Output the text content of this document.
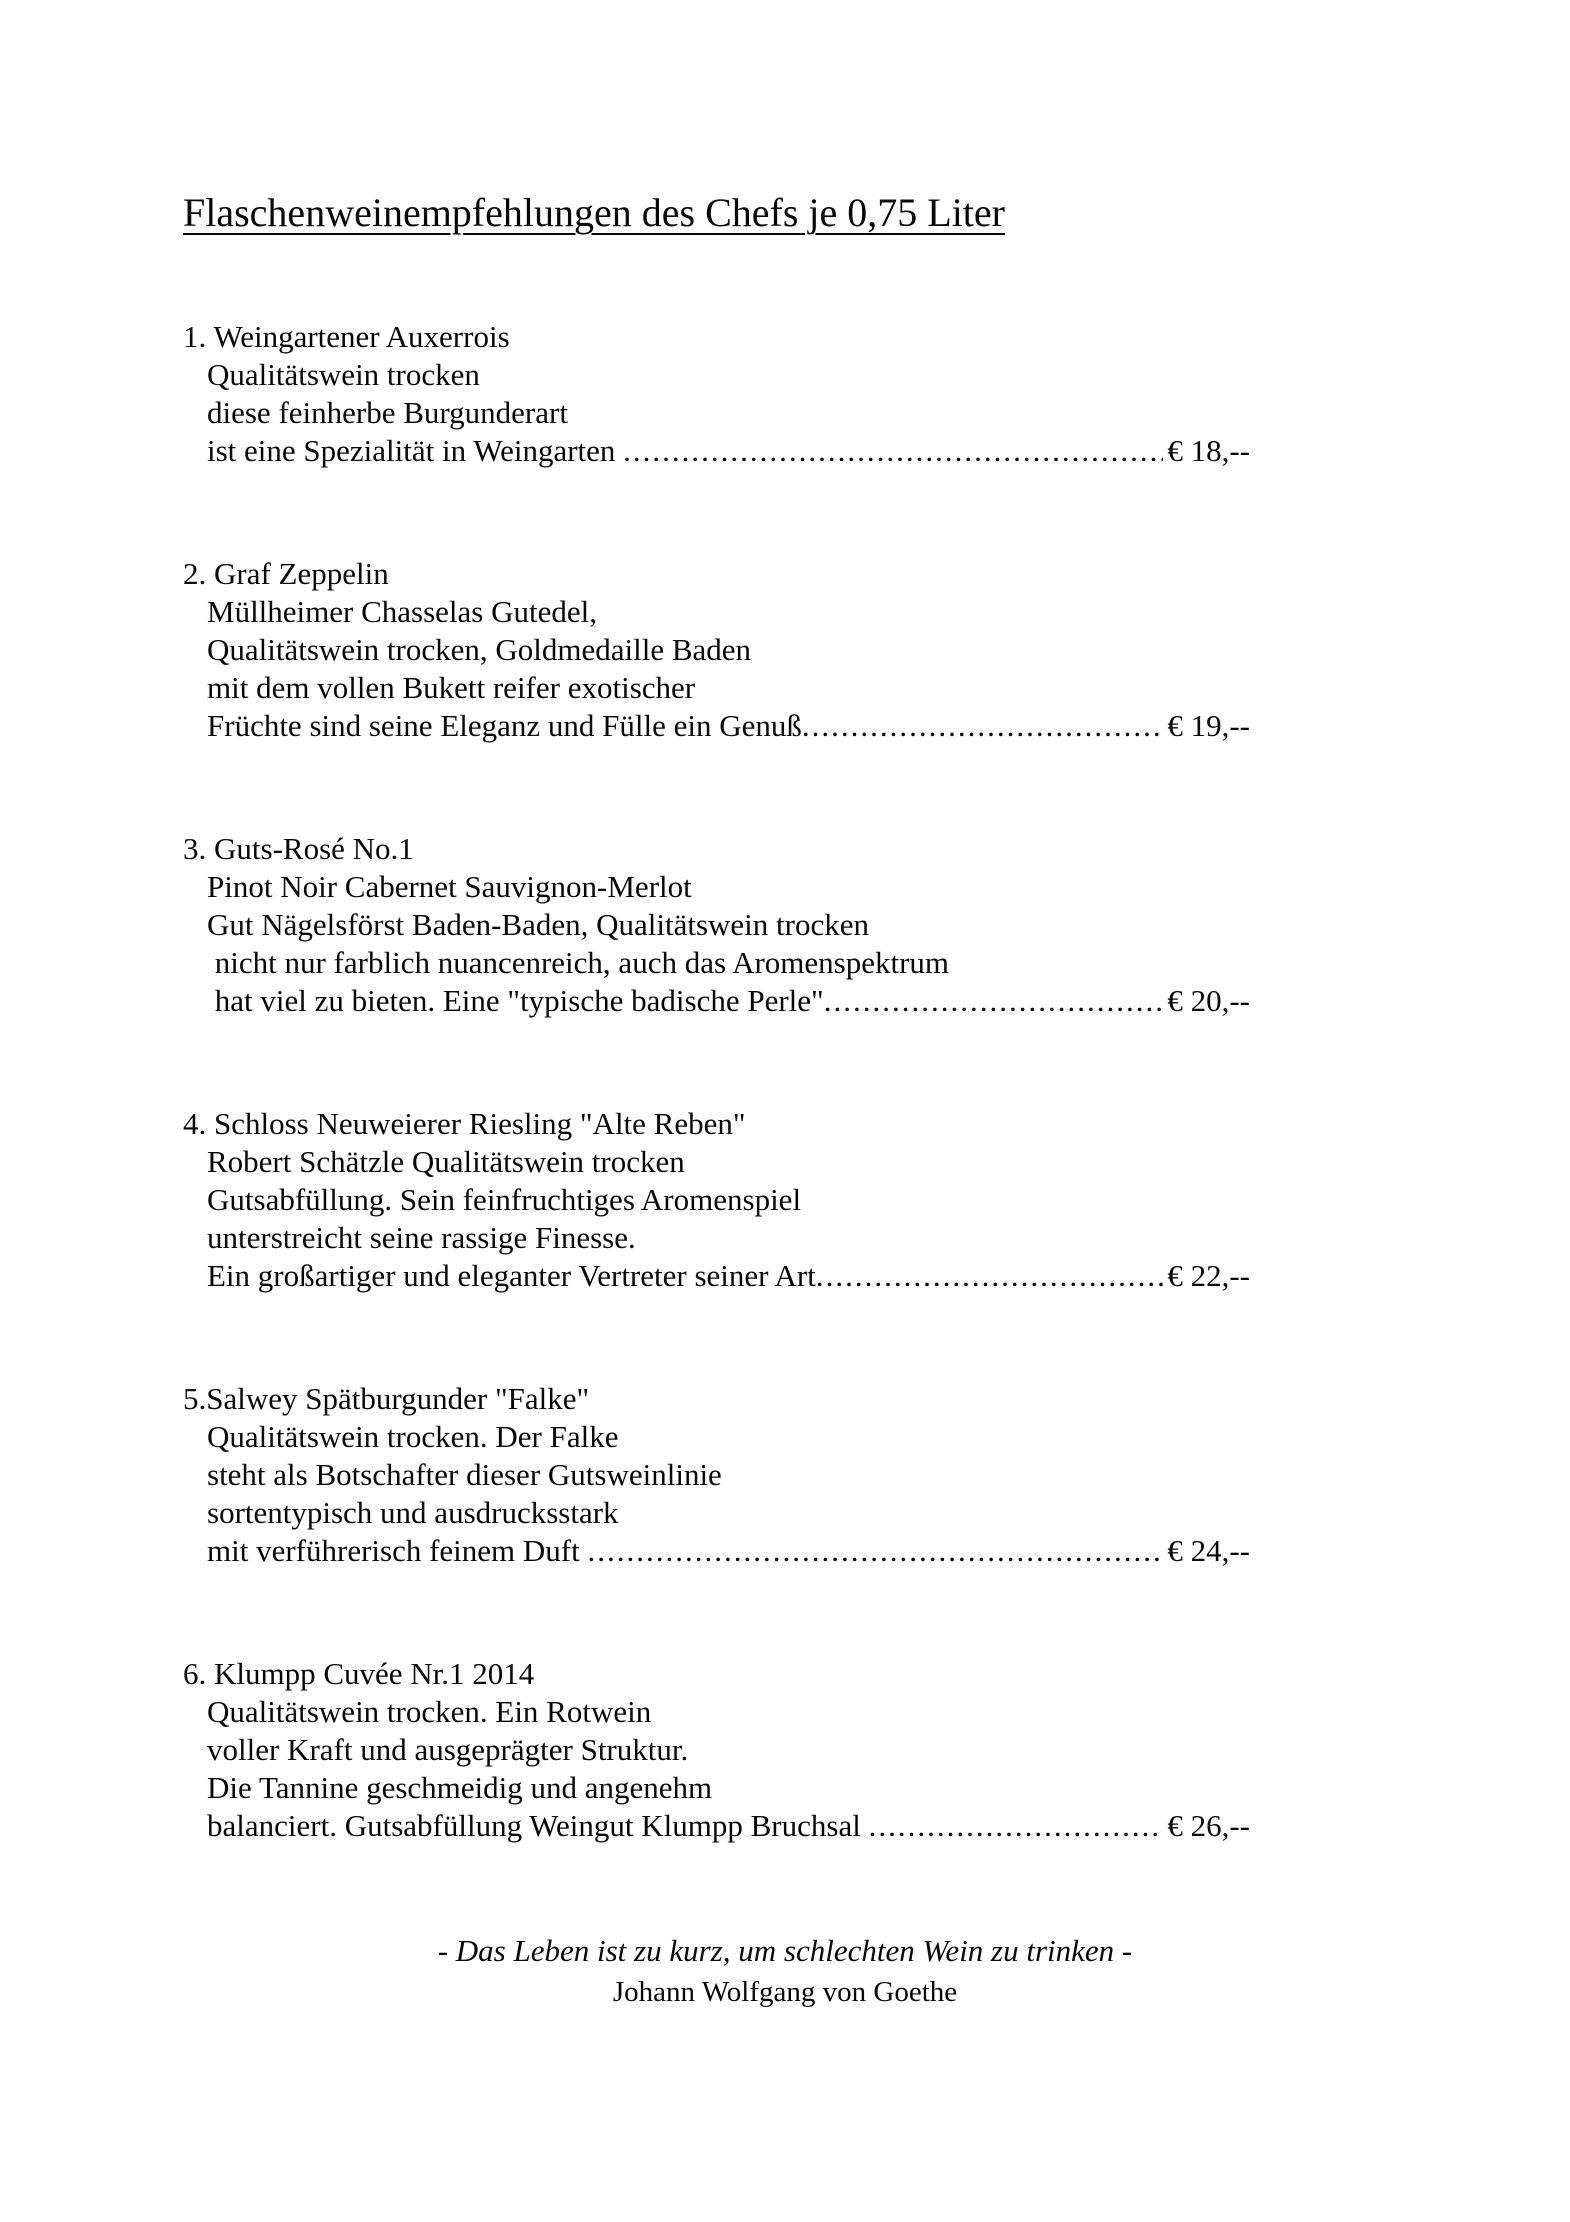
Flaschenweinempfehlungen des Chefs je 0,75 Liter
1. Weingartener Auxerrois
Qualitätswein trocken
diese feinherbe Burgunderart
ist eine Spezialität in Weingarten .....	€ 18,--
2. Graf Zeppelin
Müllheimer Chasselas Gutedel,
Qualitätswein trocken, Goldmedaille Baden
mit dem vollen Bukett reifer exotischer
Früchte sind seine Eleganz und Fülle ein Genuß .....	€ 19,--
3. Guts-Rosé No.1
Pinot Noir Cabernet Sauvignon-Merlot
Gut Nägelsförst Baden-Baden, Qualitätswein trocken
nicht nur farblich nuancenreich, auch das Aromenspektrum
hat viel zu bieten. Eine "typische badische Perle" .....	€ 20,--
4. Schloss Neuweierer Riesling "Alte Reben"
Robert Schätzle Qualitätswein trocken
Gutsabfüllung. Sein feinfruchtiges Aromenspiel
unterstreicht seine rassige Finesse.
Ein großartiger und eleganter Vertreter seiner Art .....	€ 22,--
5.Salwey Spätburgunder "Falke"
Qualitätswein trocken. Der Falke
steht als Botschafter dieser Gutsweinlinie
sortentypisch und ausdrucksstark
mit verführerisch feinem Duft .....	€ 24,--
6. Klumpp Cuvée Nr.1 2014
Qualitätswein trocken. Ein Rotwein
voller Kraft und ausgeprägter Struktur.
Die Tannine geschmeidig und angenehm
balanciert. Gutsabfüllung Weingut Klumpp Bruchsal .....	€ 26,--
- Das Leben ist zu kurz, um schlechten Wein zu trinken -
Johann Wolfgang von Goethe
